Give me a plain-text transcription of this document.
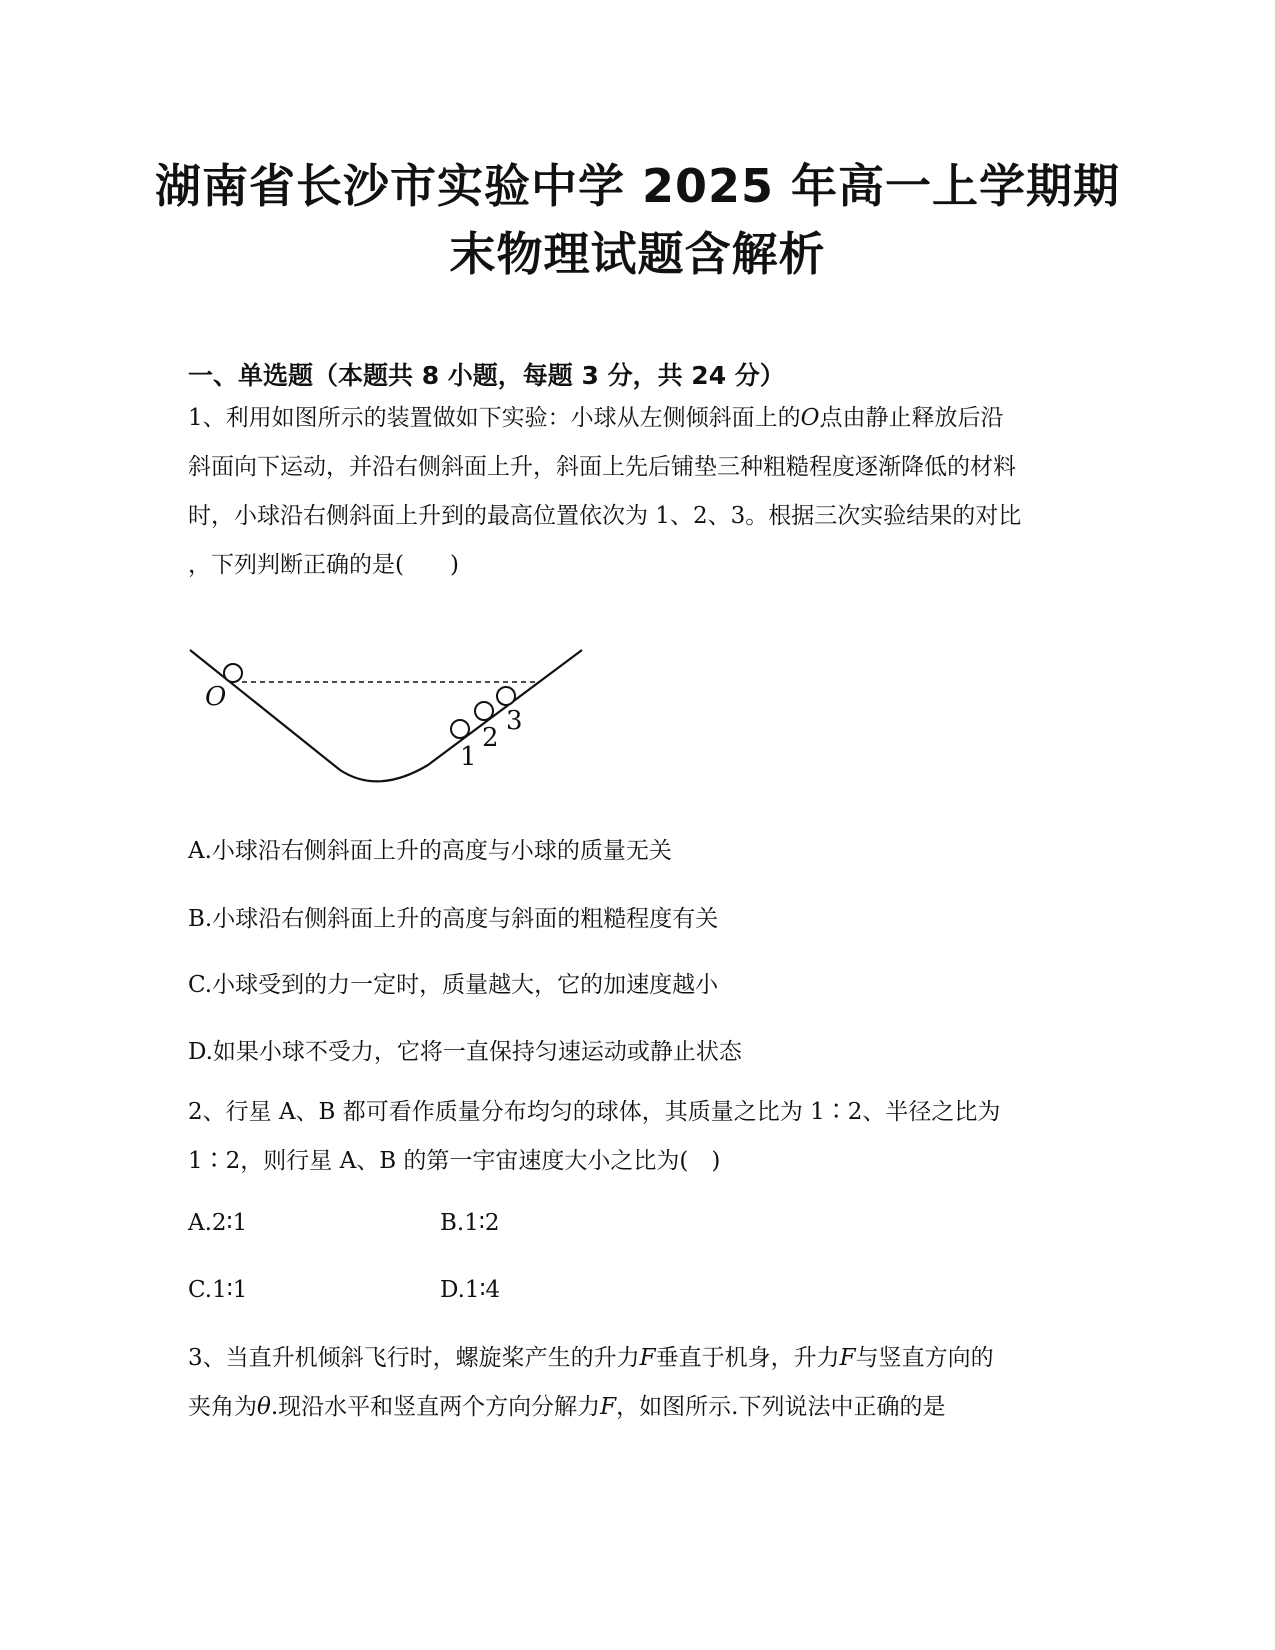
湖南省长沙市实验中学 2025 年高一上学期期
末物理试题含解析
一、单选题（本题共 8 小题，每题 3 分，共 24 分）
1、利用如图所示的装置做如下实验：小球从左侧倾斜面上的O点由静止释放后沿
斜面向下运动，并沿右侧斜面上升，斜面上先后铺垫三种粗糙程度逐渐降低的材料
时，小球沿右侧斜面上升到的最高位置依次为 1、2、3。根据三次实验结果的对比
，下列判断正确的是(　　)
O
1
2
3
A.小球沿右侧斜面上升的高度与小球的质量无关
B.小球沿右侧斜面上升的高度与斜面的粗糙程度有关
C.小球受到的力一定时，质量越大，它的加速度越小
D.如果小球不受力，它将一直保持匀速运动或静止状态
2、行星 A、B 都可看作质量分布均匀的球体，其质量之比为 1∶2、半径之比为
1∶2，则行星 A、B 的第一宇宙速度大小之比为(　)
A.2∶1	B.1∶2
C.1∶1	D.1∶4
3、当直升机倾斜飞行时，螺旋桨产生的升力F垂直于机身，升力F与竖直方向的
夹角为θ.现沿水平和竖直两个方向分解力F，如图所示.下列说法中正确的是
